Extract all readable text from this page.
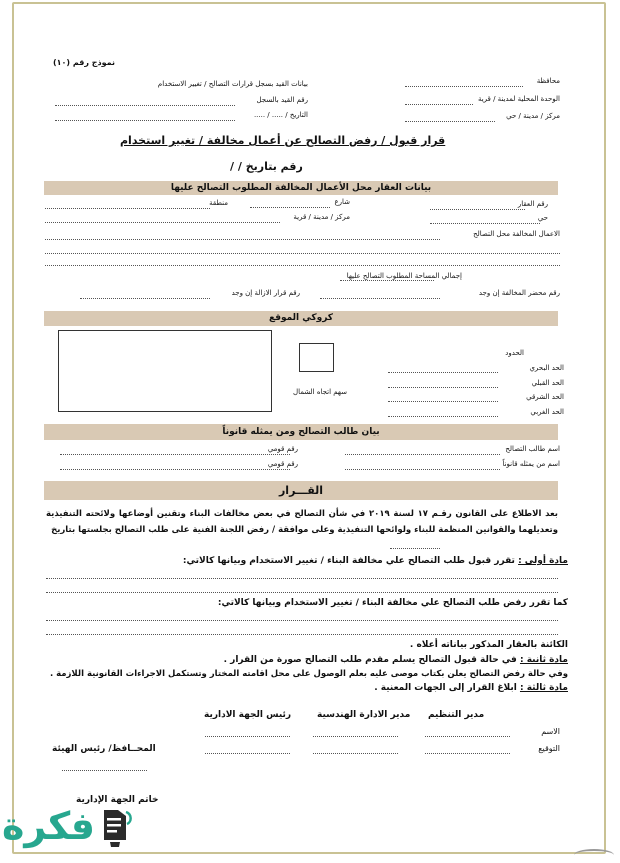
نموذج رقم (١٠)
محافظة
الوحدة المحلية لمدينة / قرية
مركز / مدينة / حي
بيانات القيد بسجل قرارات التصالح / تغيير الاستخدام
رقم القيد بالسجل
التاريخ / ..... / .....
قرار قبول / رفض التصالح عن أعمال مخالفة / تغيير استخدام
رقم بتاريخ / /
بيانات العقار محل الأعمال المخالفة المطلوب التصالح عليها
رقم العقار
شارع
منطقة
حي
مركز / مدينة / قرية
الاعمال المخالفة محل التصالح
إجمالي المساحة المطلوب التصالح عليها
رقم محضر المخالفة إن وجد
رقم قرار الازالة إن وجد
كروكي الموقع
سهم اتجاه الشمال
الحدود
الحد البحري
الحد القبلي
الحد الشرقي
الحد الغربي
بيان طالب التصالح ومن يمثله قانوناً
اسم طالب التصالح
رقم قومي
اسم من يمثله قانوناً
رقم قومي
القـــرار
بعد الاطلاع على القانون رقـم ١٧ لسنة ٢٠١٩ في شأن التصالح في بعض مخالفات البناء وتقنين أوضاعها ولائحته التنفيذية وتعديلهما والقوانين المنظمة للبناء ولوائحها التنفيذية وعلى موافقة / رفض اللجنة الفنية على طلب التصالح بجلستها بتاريخ
مادة أولى : تقرر قبول طلب التصالح علي مخالفة البناء / تغيير الاستخدام وبيانها كالاتي:
كما تقرر رفض طلب التصالح علي مخالفة البناء / تغيير الاستخدام وبيانها كالاتي:
الكائنة بالعقار المذكور بياناته أعلاه .
مادة ثانية : في حالة قبول التصالح يسلم مقدم طلب التصالح صورة من القرار .
وفي حالة رفض التصالح يعلن بكتاب موصى عليه بعلم الوصول على محل اقامته المختار وتستكمل الاجراءات القانونية اللازمة .
مادة ثالثة : ابلاغ القرار إلى الجهات المعنية .
مدير التنظيم
مدير الادارة الهندسية
رئيس الجهة الادارية
الاسم
التوقيع
المحــافظ/ رئيس الهيئة
خاتم الجهة الإدارية
فكرة
